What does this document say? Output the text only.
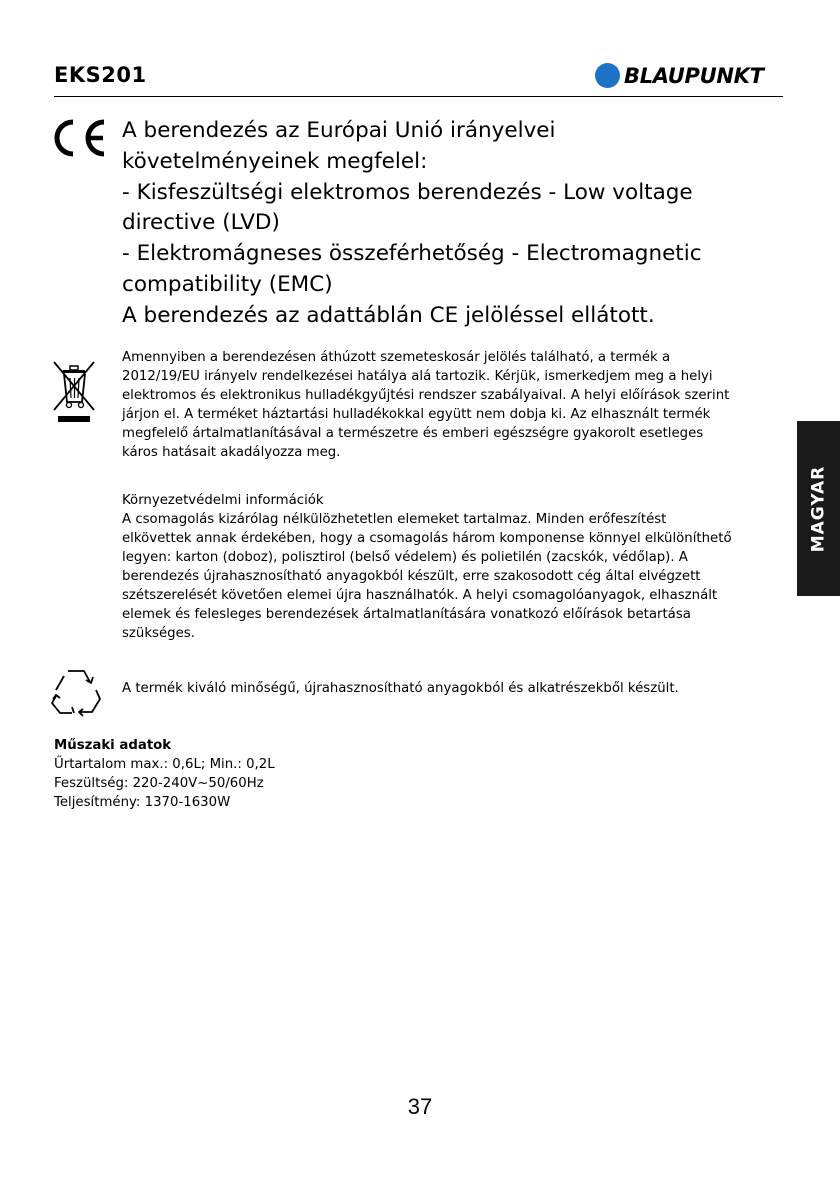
EKS201	BLAUPUNKT
A berendezés az Európai Unió irányelvei
követelményeinek megfelel:
- Kisfeszültségi elektromos berendezés - Low voltage
directive (LVD)
- Elektromágneses összeférhetőség - Electromagnetic
compatibility (EMC)
A berendezés az adattáblán CE jelöléssel ellátott.
Amennyiben a berendezésen áthúzott szemeteskosár jelölés található, a termék a
2012/19/EU irányelv rendelkezései hatálya alá tartozik. Kérjük, ismerkedjem meg a helyi
elektromos és elektronikus hulladékgyűjtési rendszer szabályaival. A helyi előírások szerint
járjon el. A terméket háztartási hulladékokkal együtt nem dobja ki. Az elhasznált termék
megfelelő ártalmatlanításával a természetre és emberi egészségre gyakorolt esetleges
káros hatásait akadályozza meg.
Környezetvédelmi információk
A csomagolás kizárólag nélkülözhetetlen elemeket tartalmaz. Minden erőfeszítést
elkövettek annak érdekében, hogy a csomagolás három komponense könnyel elkülöníthető
legyen: karton (doboz), polisztirol (belső védelem) és polietilén (zacskók, védőlap). A
berendezés újrahasznosítható anyagokból készült, erre szakosodott cég által elvégzett
szétszerelését követően elemei újra használhatók. A helyi csomagolóanyagok, elhasznált
elemek és felesleges berendezések ártalmatlanítására vonatkozó előírások betartása
szükséges.
A termék kiváló minőségű, újrahasznosítható anyagokból és alkatrészekből készült.
Műszaki adatok
Űrtartalom max.: 0,6L; Min.: 0,2L
Feszültség: 220-240V~50/60Hz
Teljesítmény: 1370-1630W
MAGYAR
37
